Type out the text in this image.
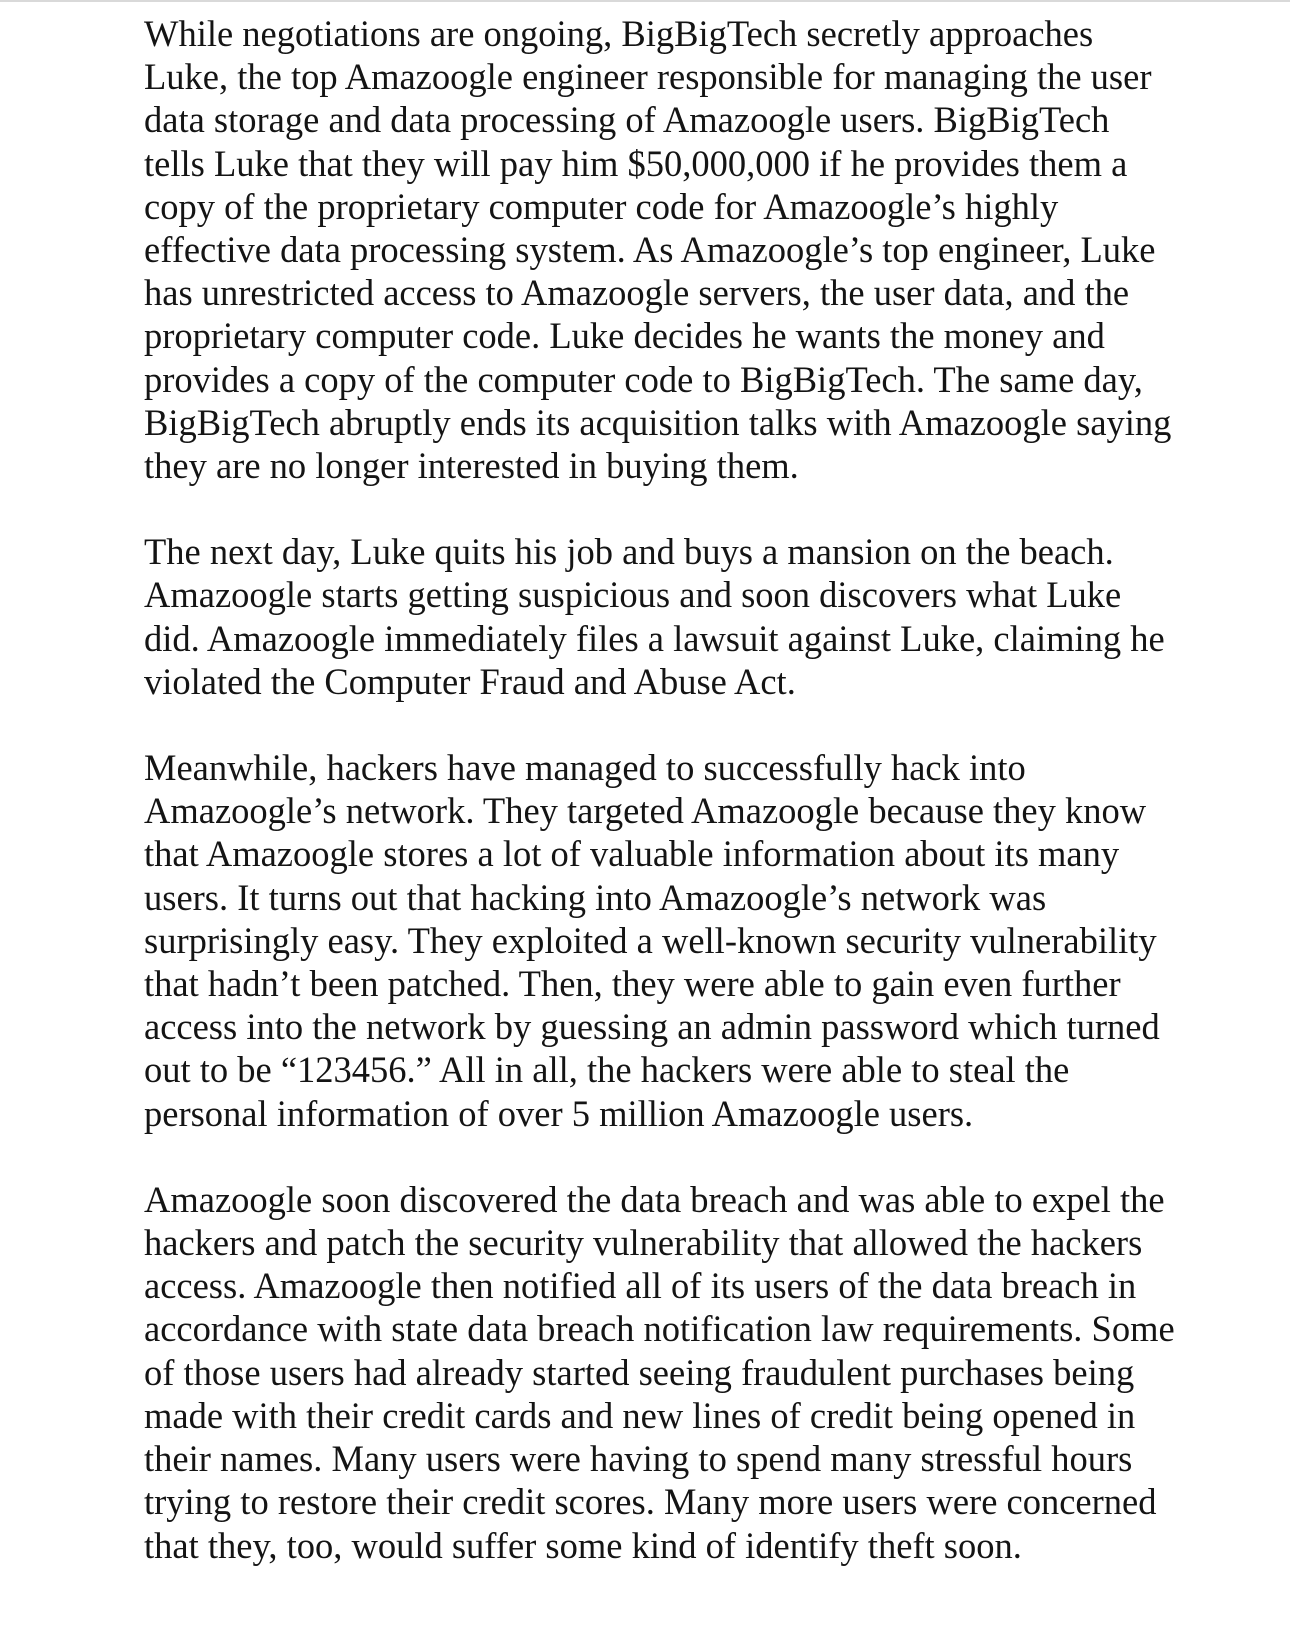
While negotiations are ongoing, BigBigTech secretly approaches
Luke, the top Amazoogle engineer responsible for managing the user
data storage and data processing of Amazoogle users. BigBigTech
tells Luke that they will pay him $50,000,000 if he provides them a
copy of the proprietary computer code for Amazoogle’s highly
effective data processing system. As Amazoogle’s top engineer, Luke
has unrestricted access to Amazoogle servers, the user data, and the
proprietary computer code. Luke decides he wants the money and
provides a copy of the computer code to BigBigTech. The same day,
BigBigTech abruptly ends its acquisition talks with Amazoogle saying
they are no longer interested in buying them.

The next day, Luke quits his job and buys a mansion on the beach.
Amazoogle starts getting suspicious and soon discovers what Luke
did. Amazoogle immediately files a lawsuit against Luke, claiming he
violated the Computer Fraud and Abuse Act.

Meanwhile, hackers have managed to successfully hack into
Amazoogle’s network. They targeted Amazoogle because they know
that Amazoogle stores a lot of valuable information about its many
users. It turns out that hacking into Amazoogle’s network was
surprisingly easy. They exploited a well-known security vulnerability
that hadn’t been patched. Then, they were able to gain even further
access into the network by guessing an admin password which turned
out to be “123456.” All in all, the hackers were able to steal the
personal information of over 5 million Amazoogle users.

Amazoogle soon discovered the data breach and was able to expel the
hackers and patch the security vulnerability that allowed the hackers
access. Amazoogle then notified all of its users of the data breach in
accordance with state data breach notification law requirements. Some
of those users had already started seeing fraudulent purchases being
made with their credit cards and new lines of credit being opened in
their names. Many users were having to spend many stressful hours
trying to restore their credit scores. Many more users were concerned
that they, too, would suffer some kind of identify theft soon.
